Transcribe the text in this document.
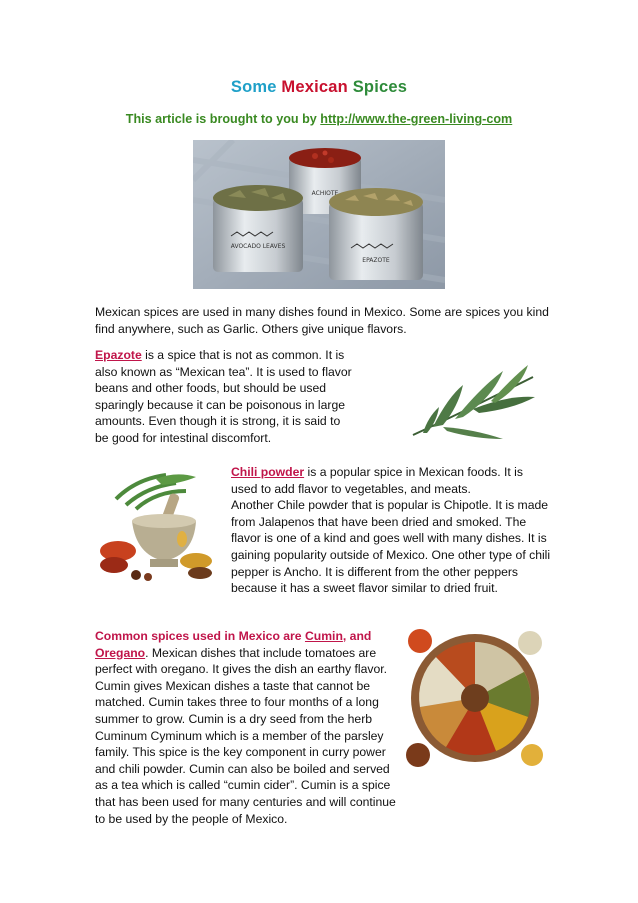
Some Mexican Spices
This article is brought to you by http://www.the-green-living-com
ACHIOTE
AVOCADO LEAVES
EPAZOTE
Mexican spices are used in many dishes found in Mexico. Some are spices you kind find anywhere, such as Garlic. Others give unique flavors.
Epazote is a spice that is not as common. It is also known as “Mexican tea”. It is used to flavor beans and other foods, but should be used sparingly because it can be poisonous in large amounts. Even though it is strong, it is said to be good for intestinal discomfort.
Chili powder is a popular spice in Mexican foods. It is used to add flavor to vegetables, and meats.
Another Chile powder that is popular is Chipotle. It is made from Jalapenos that have been dried and smoked. The flavor is one of a kind and goes well with many dishes. It is gaining popularity outside of Mexico. One other type of chili pepper is Ancho. It is different from the other peppers because it has a sweet flavor similar to dried fruit.
Common spices used in Mexico are Cumin, and Oregano. Mexican dishes that include tomatoes are perfect with oregano. It gives the dish an earthy flavor. Cumin gives Mexican dishes a taste that cannot be matched. Cumin takes three to four months of a long summer to grow. Cumin is a dry seed from the herb Cuminum Cyminum which is a member of the parsley family. This spice is the key component in curry power and chili powder. Cumin can also be boiled and served as a tea which is called “cumin cider”. Cumin is a spice that has been used for many centuries and will continue to be used by the people of Mexico.
